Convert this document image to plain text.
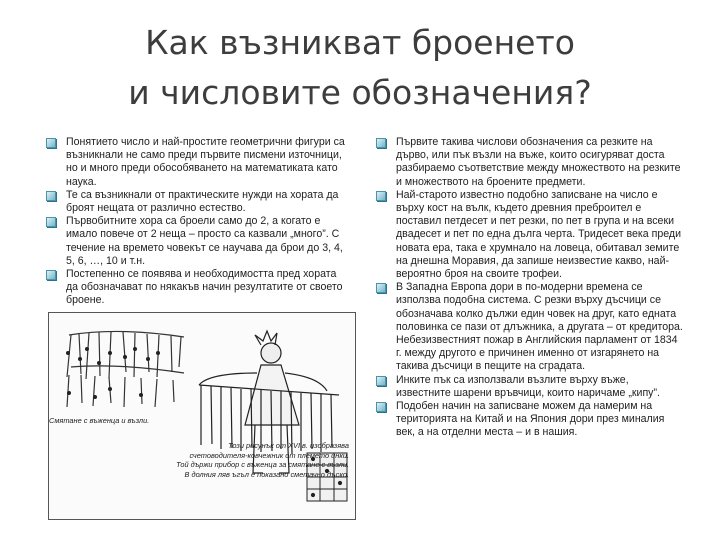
Как възникват броенето
и числовите обозначения?
Понятието число и най-простите геометрични фигури са възникнали не само преди първите писмени източници, но и много преди обособяването на математиката като наука.
Те са възникнали от практическите нужди на хората да броят нещата от различно естество.
Първобитните хора са броели само до 2, а когато е имало повече от 2 неща – просто са казвали „много”. С течение на времето човекът се научава да брои до 3, 4, 5, 6, …, 10 и т.н.
Постепенно се появява и необходимостта пред хората да обозначават по някакъв начин резултатите от своето броене.
Смятане с въженца и възли.
Този рисунък от XVI в. изобразява
счетоводителя-ковчежник от племето инки.
Той държи прибор с въженца за смятане с възли.
В долния ляв ъгъл е показано сметачно дъско.
Първите такива числови обозначения са резките на дърво, или пък възли на въже, които осигуряват доста разбираемо съответствие между множеството на резките и множеството на броените предмети.
Най-старото известно подобно записване на число е върху кост на вълк, където древния преброител е поставил петдесет и пет резки, по пет в група и на всеки двадесет и пет по една дълга черта. Тридесет века преди новата ера, така е хрумнало на ловеца, обитавал земите на днешна Моравия, да запише неизвестие какво, най-вероятно броя на своите трофеи.
В Западна Европа дори в по-модерни времена се използва подобна система. С резки върху дъсчици се обозначава колко дължи един човек на друг, като едната половинка се пази от длъжника, а другата – от кредитора. Небезизвестният пожар в Английския парламент от 1834 г. между другото е причинен именно от изгарянето на такива дъсчици в пещите на сградата.
Инките пък са използвали възлите върху въже, известните шарени връвчици, които наричаме „кипу”.
Подобен начин на записване можем да намерим на територията на Китай и на Япония дори през миналия век, а на отделни места – и в нашия.
